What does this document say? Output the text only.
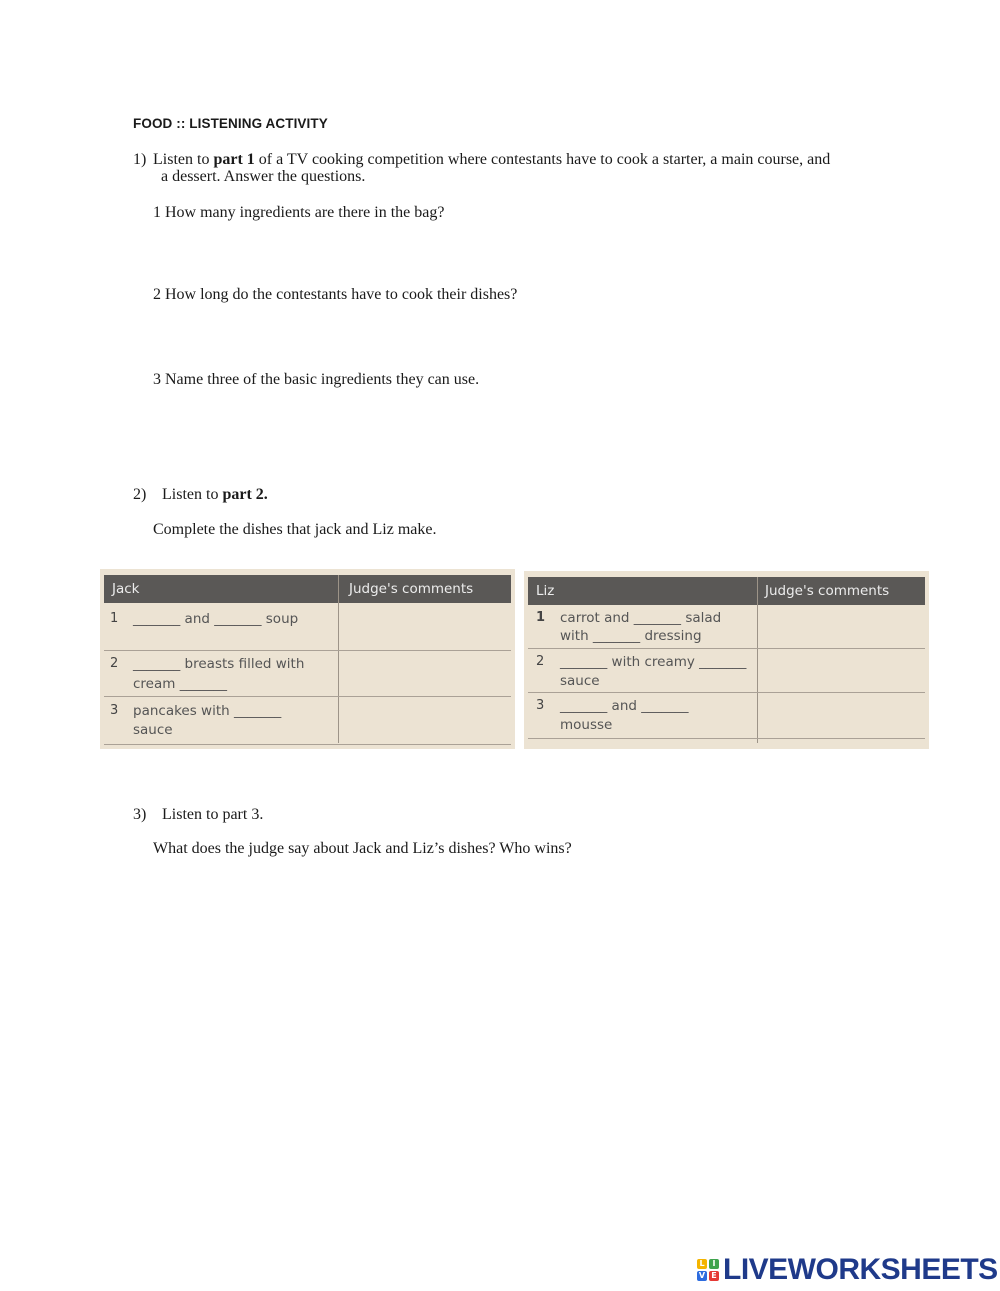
FOOD :: LISTENING ACTIVITY
1) Listen to part 1 of a TV cooking competition where contestants have to cook a starter, a main course, and
a dessert. Answer the questions.
1 How many ingredients are there in the bag?
2 How long do the contestants have to cook their dishes?
3 Name three of the basic ingredients they can use.
2) Listen to part 2.
Complete the dishes that jack and Liz make.
Jack	Judge's comments
1 _______ and _______ soup
2 _______ breasts filled with
cream _______
3 pancakes with _______
sauce
Liz	Judge's comments
1 carrot and _______ salad
with _______ dressing
2 _______ with creamy _______
sauce
3 _______ and _______
mousse
3) Listen to part 3.
What does the judge say about Jack and Liz’s dishes? Who wins?
L I
V E LIVEWORKSHEETS
